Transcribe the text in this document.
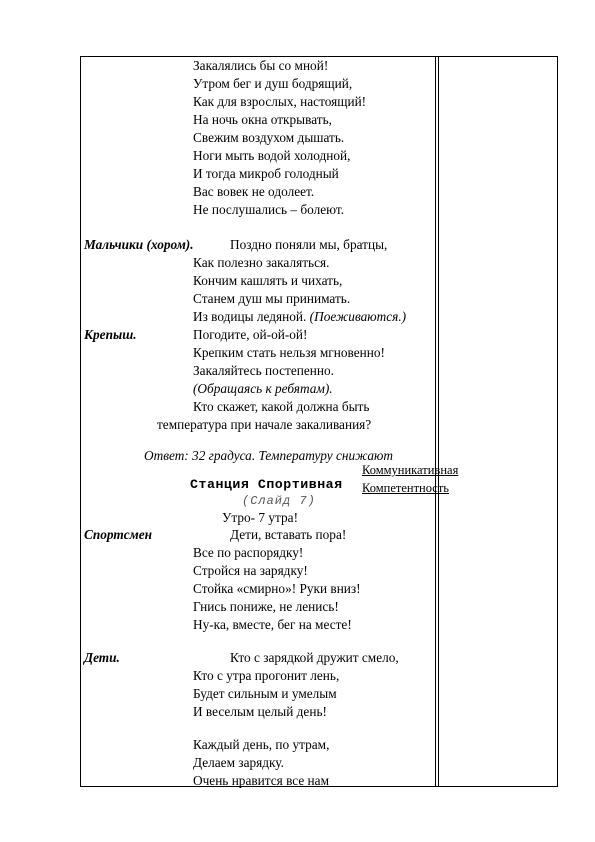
Закалялись бы со мной!
Утром бег и душ бодрящий,
Как для взрослых, настоящий!
На ночь окна открывать,
Свежим воздухом дышать.
Ноги мыть водой холодной,
И тогда микроб голодный
Вас вовек не одолеет.
Не послушались – болеют.
Мальчики (хором).	Поздно поняли мы, братцы,
Как полезно закаляться.
Кончим кашлять и чихать,
Станем душ мы принимать.
Из водицы ледяной. (Поеживаются.)
Крепыш.	Погодите, ой-ой-ой!
Крепким стать нельзя мгновенно!
Закаляйтесь постепенно.
(Обращаясь к ребятам).
Кто скажет, какой должна быть
температура при начале закаливания?
Ответ: 32 градуса. Температуру снижают
Станция Спортивная
(Слайд 7)
Утро- 7 утра!
Спортсмен	Дети, вставать пора!
Все по распорядку!
Стройся на зарядку!
Стойка «смирно»! Руки вниз!
Гнись пониже, не ленись!
Ну-ка, вместе, бег на месте!
Дети.	Кто с зарядкой дружит смело,
Кто с утра прогонит лень,
Будет сильным и умелым
И веселым целый день!
Каждый день, по утрам,
Делаем зарядку.
Очень нравится все нам
Коммуникативная
Компетентность
